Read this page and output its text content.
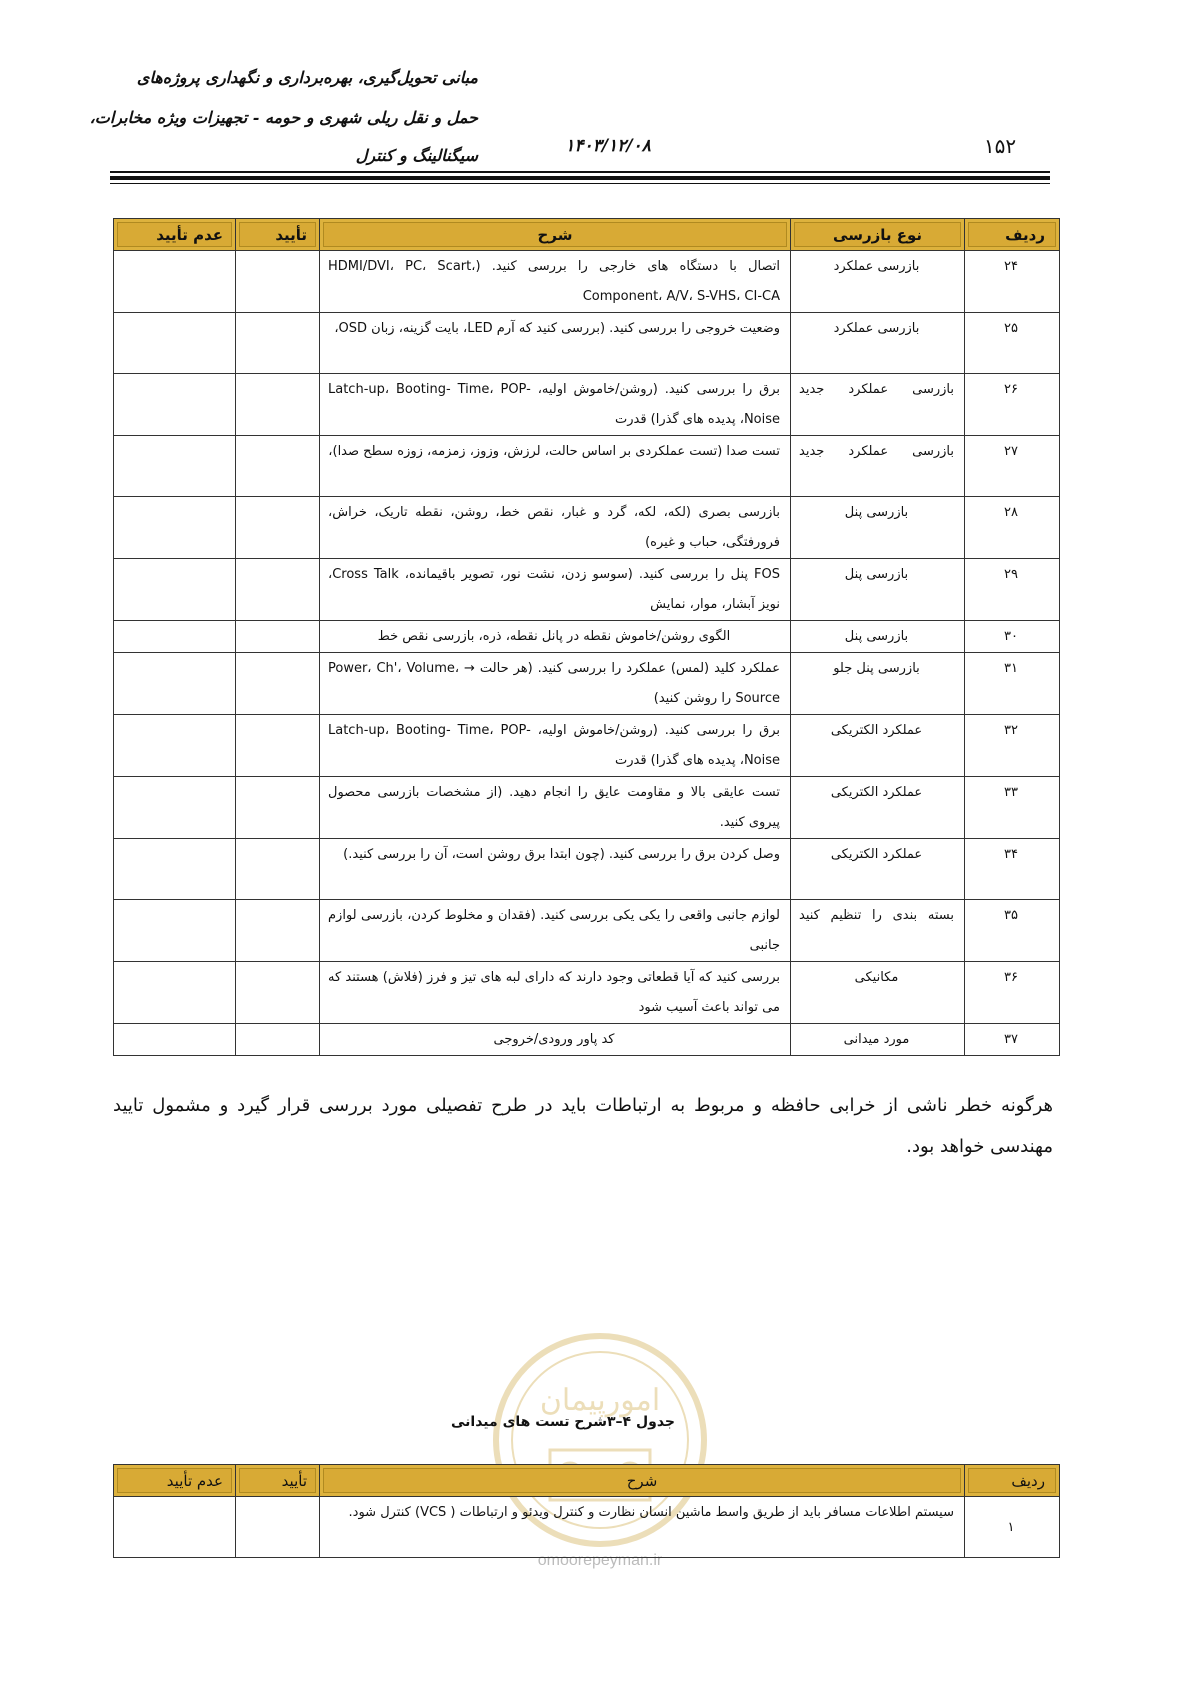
مبانی تحویل‌گیری، بهره‌برداری و نگهداری پروژه‌های
حمل و نقل ریلی شهری و حومه - تجهیزات ویژه مخابرات،
سیگنالینگ و کنترل	۱۴۰۳/۱۲/۰۸	۱۵۲
ردیف	نوع بازرسی	شرح	تأیید	عدم تأیید

۲۴	بازرسی عملکرد	اتصال با دستگاه های خارجی را بررسی کنید. (HDMI/DVI، PC، Scart، Component، A/V، S-VHS، CI-CA		
۲۵	بازرسی عملکرد	وضعیت خروجی را بررسی کنید. (بررسی کنید که آرم LED، بایت گزینه، زبان OSD،		
۲۶	بازرسی عملکرد جدید	برق را بررسی کنید. (روشن/خاموش اولیه، Latch-up، Booting- Time، POP-Noise، پدیده های گذرا) قدرت		
۲۷	بازرسی عملکرد جدید	تست صدا (تست عملکردی بر اساس حالت، لرزش، وزوز، زمزمه، زوزه سطح صدا)،		
۲۸	بازرسی پنل	بازرسی بصری (لکه، لکه، گرد و غبار، نقص خط، روشن، نقطه تاریک، خراش، فرورفتگی، حباب و غیره)		
۲۹	بازرسی پنل	FOS پنل را بررسی کنید. (سوسو زدن، نشت نور، تصویر باقیمانده، Cross Talk، نویز آبشار، موار، نمایش		
۳۰	بازرسی پنل	الگوی روشن/خاموش نقطه در پانل نقطه، ذره، بازرسی نقص خط		
۳۱	بازرسی پنل جلو	عملکرد کلید (لمس) عملکرد را بررسی کنید. (هر حالت → Power، Ch'، Volume، Source را روشن کنید)		
۳۲	عملکرد الکتریکی	برق را بررسی کنید. (روشن/خاموش اولیه، Latch-up، Booting- Time، POP-Noise، پدیده های گذرا) قدرت		
۳۳	عملکرد الکتریکی	تست عایقی بالا و مقاومت عایق را انجام دهید. (از مشخصات بازرسی محصول پیروی کنید.		
۳۴	عملکرد الکتریکی	وصل کردن برق را بررسی کنید. (چون ابتدا برق روشن است، آن را بررسی کنید.)		
۳۵	بسته بندی را تنظیم کنید	لوازم جانبی واقعی را یکی یکی بررسی کنید. (فقدان و مخلوط کردن، بازرسی لوازم جانبی		
۳۶	مکانیکی	بررسی کنید که آیا قطعاتی وجود دارند که دارای لبه های تیز و فرز (فلاش) هستند که می تواند باعث آسیب شود		
۳۷	مورد میدانی	کد پاور ورودی/خروجی		
هرگونه خطر ناشی از خرابی حافظه و مربوط به ارتباطات باید در طرح تفصیلی مورد بررسی قرار گیرد و مشمول تایید مهندسی خواهد بود.
امورپیمان
omoorepeyman.ir
جدول ۴–۳شرح تست های میدانی
ردیف	شرح	تأیید	عدم تأیید

۱	سیستم اطلاعات مسافر باید از طریق واسط ماشین انسان نظارت و کنترل ویدئو و ارتباطات ( VCS) کنترل شود.		
